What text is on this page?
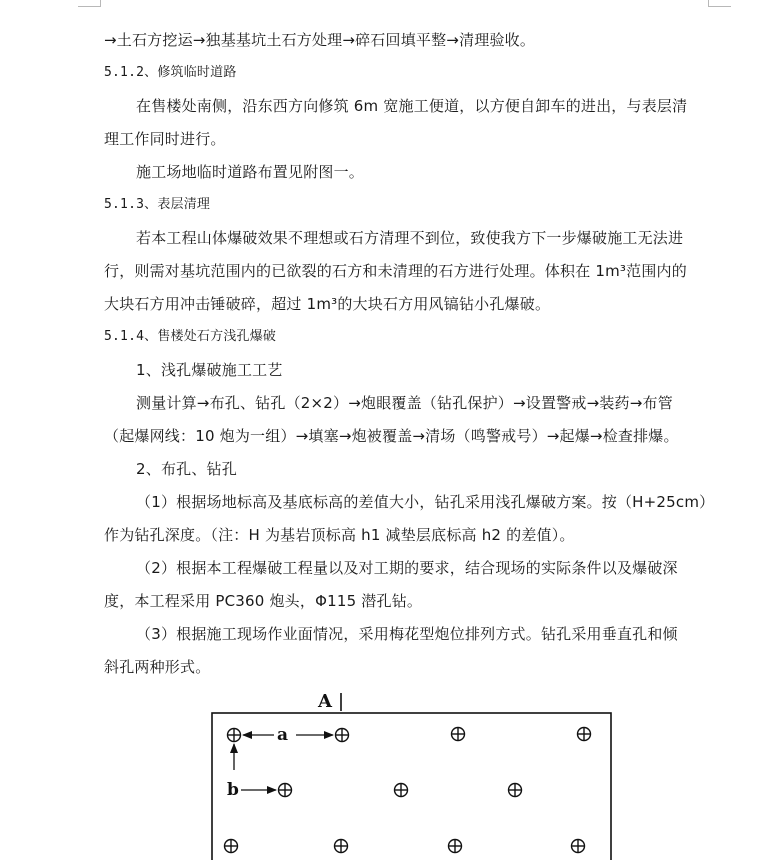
→土石方挖运→独基基坑土石方处理→碎石回填平整→清理验收。
5.1.2、修筑临时道路
在售楼处南侧，沿东西方向修筑 6m 宽施工便道，以方便自卸车的进出，与表层清
理工作同时进行。
施工场地临时道路布置见附图一。
5.1.3、表层清理
若本工程山体爆破效果不理想或石方清理不到位，致使我方下一步爆破施工无法进
行，则需对基坑范围内的已欲裂的石方和未清理的石方进行处理。体积在 1m³范围内的
大块石方用冲击锤破碎，超过 1m³的大块石方用风镐钻小孔爆破。
5.1.4、售楼处石方浅孔爆破
1、浅孔爆破施工工艺
测量计算→布孔、钻孔（2×2）→炮眼覆盖（钻孔保护）→设置警戒→装药→布管
（起爆网线：10 炮为一组）→填塞→炮被覆盖→清场（鸣警戒号）→起爆→检查排爆。
2、布孔、钻孔
（1）根据场地标高及基底标高的差值大小，钻孔采用浅孔爆破方案。按（H+25cm）
作为钻孔深度。（注：H 为基岩顶标高 h1 减垫层底标高 h2 的差值）。
（2）根据本工程爆破工程量以及对工期的要求，结合现场的实际条件以及爆破深
度，本工程采用 PC360 炮头，Φ115 潜孔钻。
（3）根据施工现场作业面情况，采用梅花型炮位排列方式。钻孔采用垂直孔和倾
斜孔两种形式。
A
a
b
